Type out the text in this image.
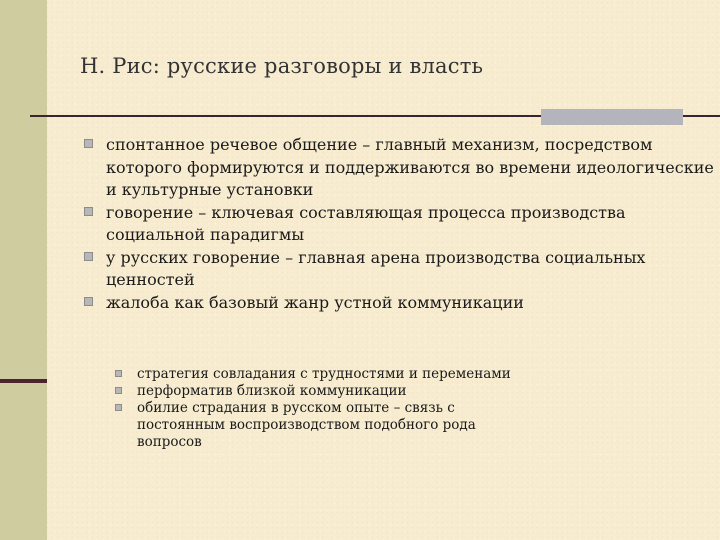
Н. Рис: русские разговоры и власть
спонтанное речевое общение – главный механизм, посредством которого формируются и поддерживаются во времени идеологические и культурные установки
говорение – ключевая составляющая процесса производства социальной парадигмы
у русских говорение – главная арена производства социальных ценностей
жалоба как базовый жанр устной коммуникации
стратегия совладания с трудностями и переменами
перформатив близкой коммуникации
обилие страдания в русском опыте – связь с постоянным воспроизводством подобного рода вопросов
